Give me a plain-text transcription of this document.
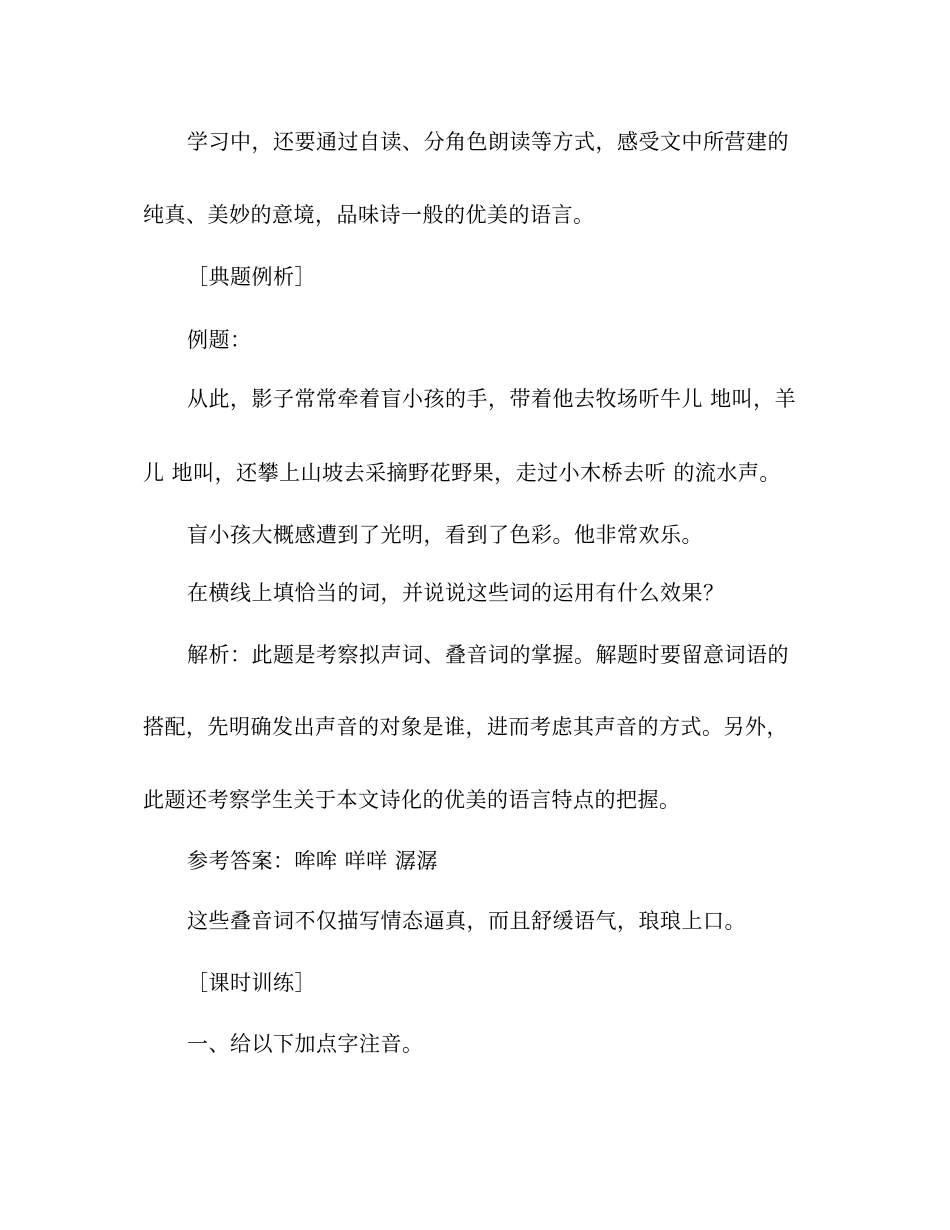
学习中，还要通过自读、分角色朗读等方式，感受文中所营建的
纯真、美妙的意境，品味诗一般的优美的语言。
［典题例析］
例题：
从此，影子常常牵着盲小孩的手，带着他去牧场听牛儿 地叫，羊
儿 地叫，还攀上山坡去采摘野花野果，走过小木桥去听 的流水声。
盲小孩大概感遭到了光明，看到了色彩。他非常欢乐。
在横线上填恰当的词，并说说这些词的运用有什么效果？
解析：此题是考察拟声词、叠音词的掌握。解题时要留意词语的
搭配，先明确发出声音的对象是谁，进而考虑其声音的方式。另外，
此题还考察学生关于本文诗化的优美的语言特点的把握。
参考答案：哞哞 咩咩 潺潺
这些叠音词不仅描写情态逼真，而且舒缓语气，琅琅上口。
［课时训练］
一、给以下加点字注音。
